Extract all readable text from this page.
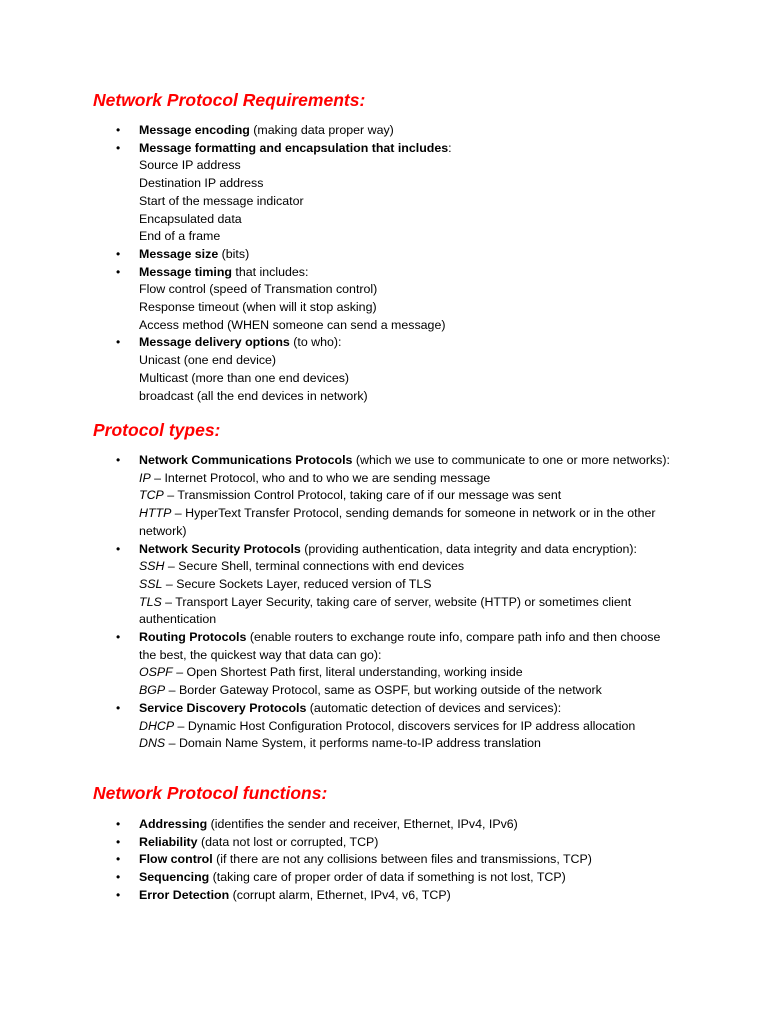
Network Protocol Requirements:
• Message encoding (making data proper way)
• Message formatting and encapsulation that includes:
Source IP address
Destination IP address
Start of the message indicator
Encapsulated data
End of a frame
• Message size (bits)
• Message timing that includes:
Flow control (speed of Transmation control)
Response timeout (when will it stop asking)
Access method (WHEN someone can send a message)
• Message delivery options (to who):
Unicast (one end device)
Multicast (more than one end devices)
broadcast (all the end devices in network)
Protocol types:
• Network Communications Protocols (which we use to communicate to one or more networks):
IP – Internet Protocol, who and to who we are sending message
TCP – Transmission Control Protocol, taking care of if our message was sent
HTTP – HyperText Transfer Protocol, sending demands for someone in network or in the other network)
• Network Security Protocols (providing authentication, data integrity and data encryption):
SSH – Secure Shell, terminal connections with end devices
SSL – Secure Sockets Layer, reduced version of TLS
TLS – Transport Layer Security, taking care of server, website (HTTP) or sometimes client authentication
• Routing Protocols (enable routers to exchange route info, compare path info and then choose the best, the quickest way that data can go):
OSPF – Open Shortest Path first, literal understanding, working inside
BGP – Border Gateway Protocol, same as OSPF, but working outside of the network
• Service Discovery Protocols (automatic detection of devices and services):
DHCP – Dynamic Host Configuration Protocol, discovers services for IP address allocation
DNS – Domain Name System, it performs name-to-IP address translation
Network Protocol functions:
• Addressing (identifies the sender and receiver, Ethernet, IPv4, IPv6)
• Reliability (data not lost or corrupted, TCP)
• Flow control (if there are not any collisions between files and transmissions, TCP)
• Sequencing (taking care of proper order of data if something is not lost, TCP)
• Error Detection (corrupt alarm, Ethernet, IPv4, v6, TCP)
